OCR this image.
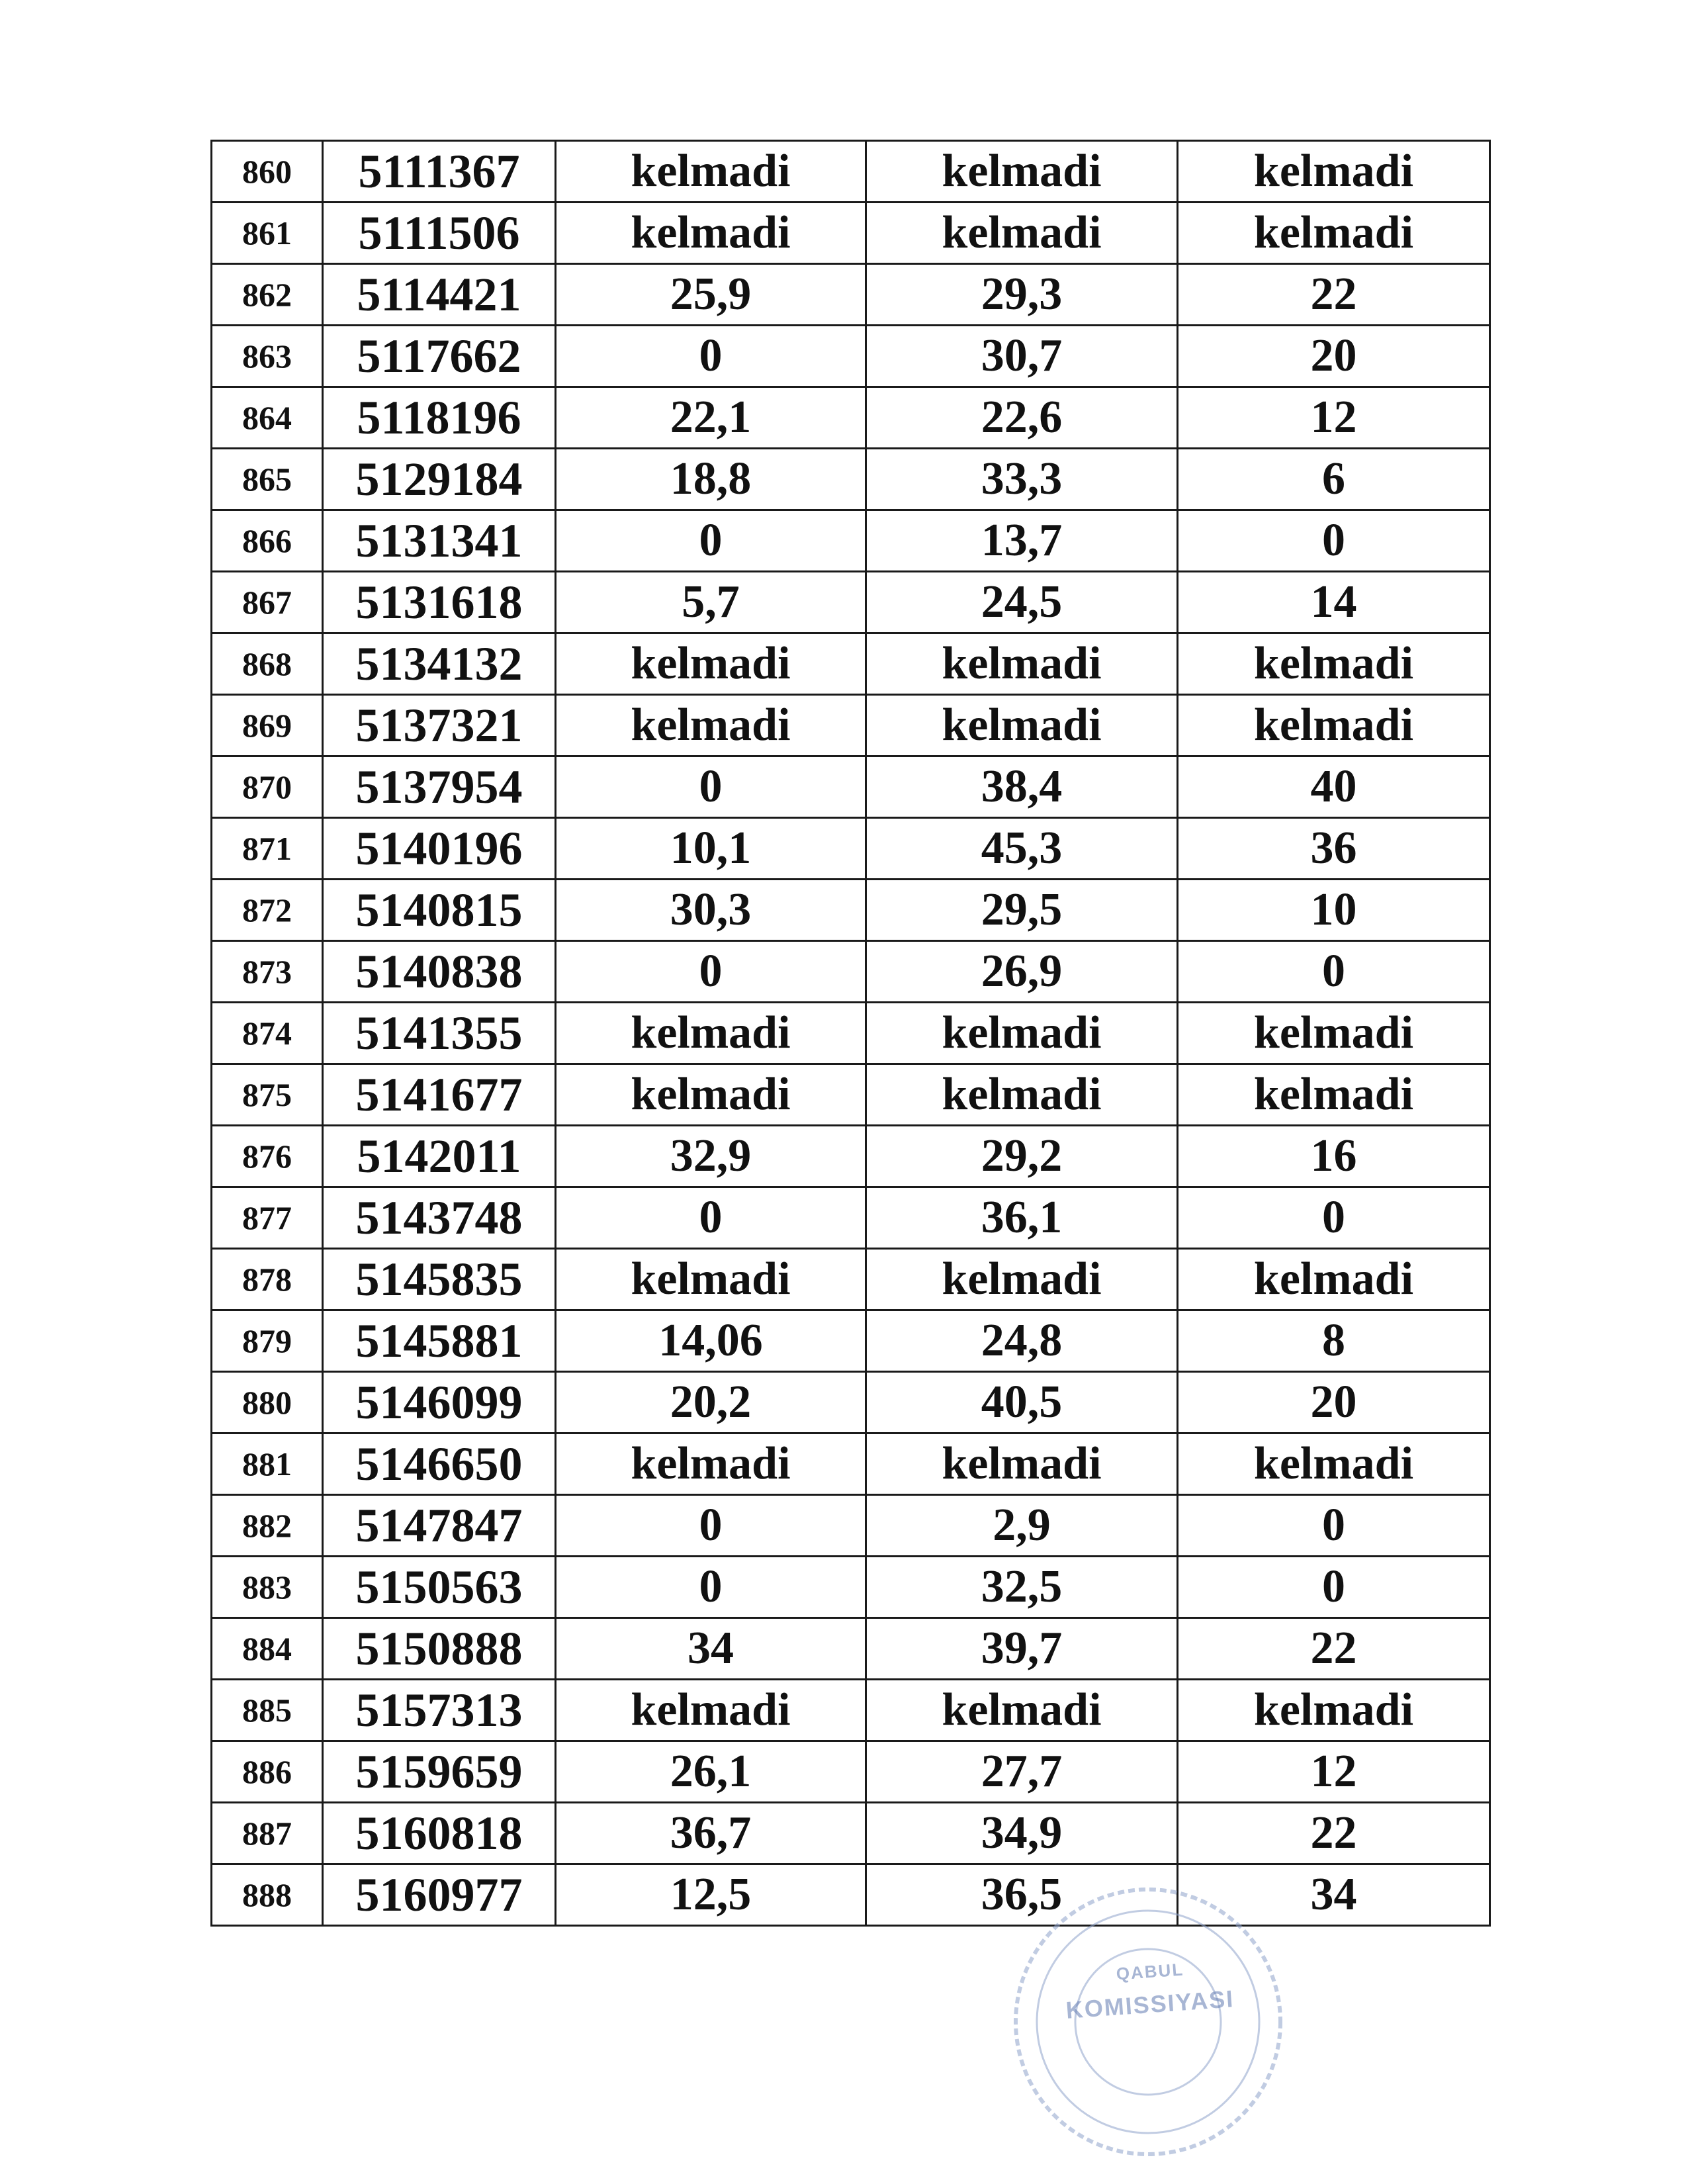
860	5111367	kelmadi	kelmadi	kelmadi
861	5111506	kelmadi	kelmadi	kelmadi
862	5114421	25,9	29,3	22
863	5117662	0	30,7	20
864	5118196	22,1	22,6	12
865	5129184	18,8	33,3	6
866	5131341	0	13,7	0
867	5131618	5,7	24,5	14
868	5134132	kelmadi	kelmadi	kelmadi
869	5137321	kelmadi	kelmadi	kelmadi
870	5137954	0	38,4	40
871	5140196	10,1	45,3	36
872	5140815	30,3	29,5	10
873	5140838	0	26,9	0
874	5141355	kelmadi	kelmadi	kelmadi
875	5141677	kelmadi	kelmadi	kelmadi
876	5142011	32,9	29,2	16
877	5143748	0	36,1	0
878	5145835	kelmadi	kelmadi	kelmadi
879	5145881	14,06	24,8	8
880	5146099	20,2	40,5	20
881	5146650	kelmadi	kelmadi	kelmadi
882	5147847	0	2,9	0
883	5150563	0	32,5	0
884	5150888	34	39,7	22
885	5157313	kelmadi	kelmadi	kelmadi
886	5159659	26,1	27,7	12
887	5160818	36,7	34,9	22
888	5160977	12,5	36,5	34
QABUL
KOMISSIYASI
